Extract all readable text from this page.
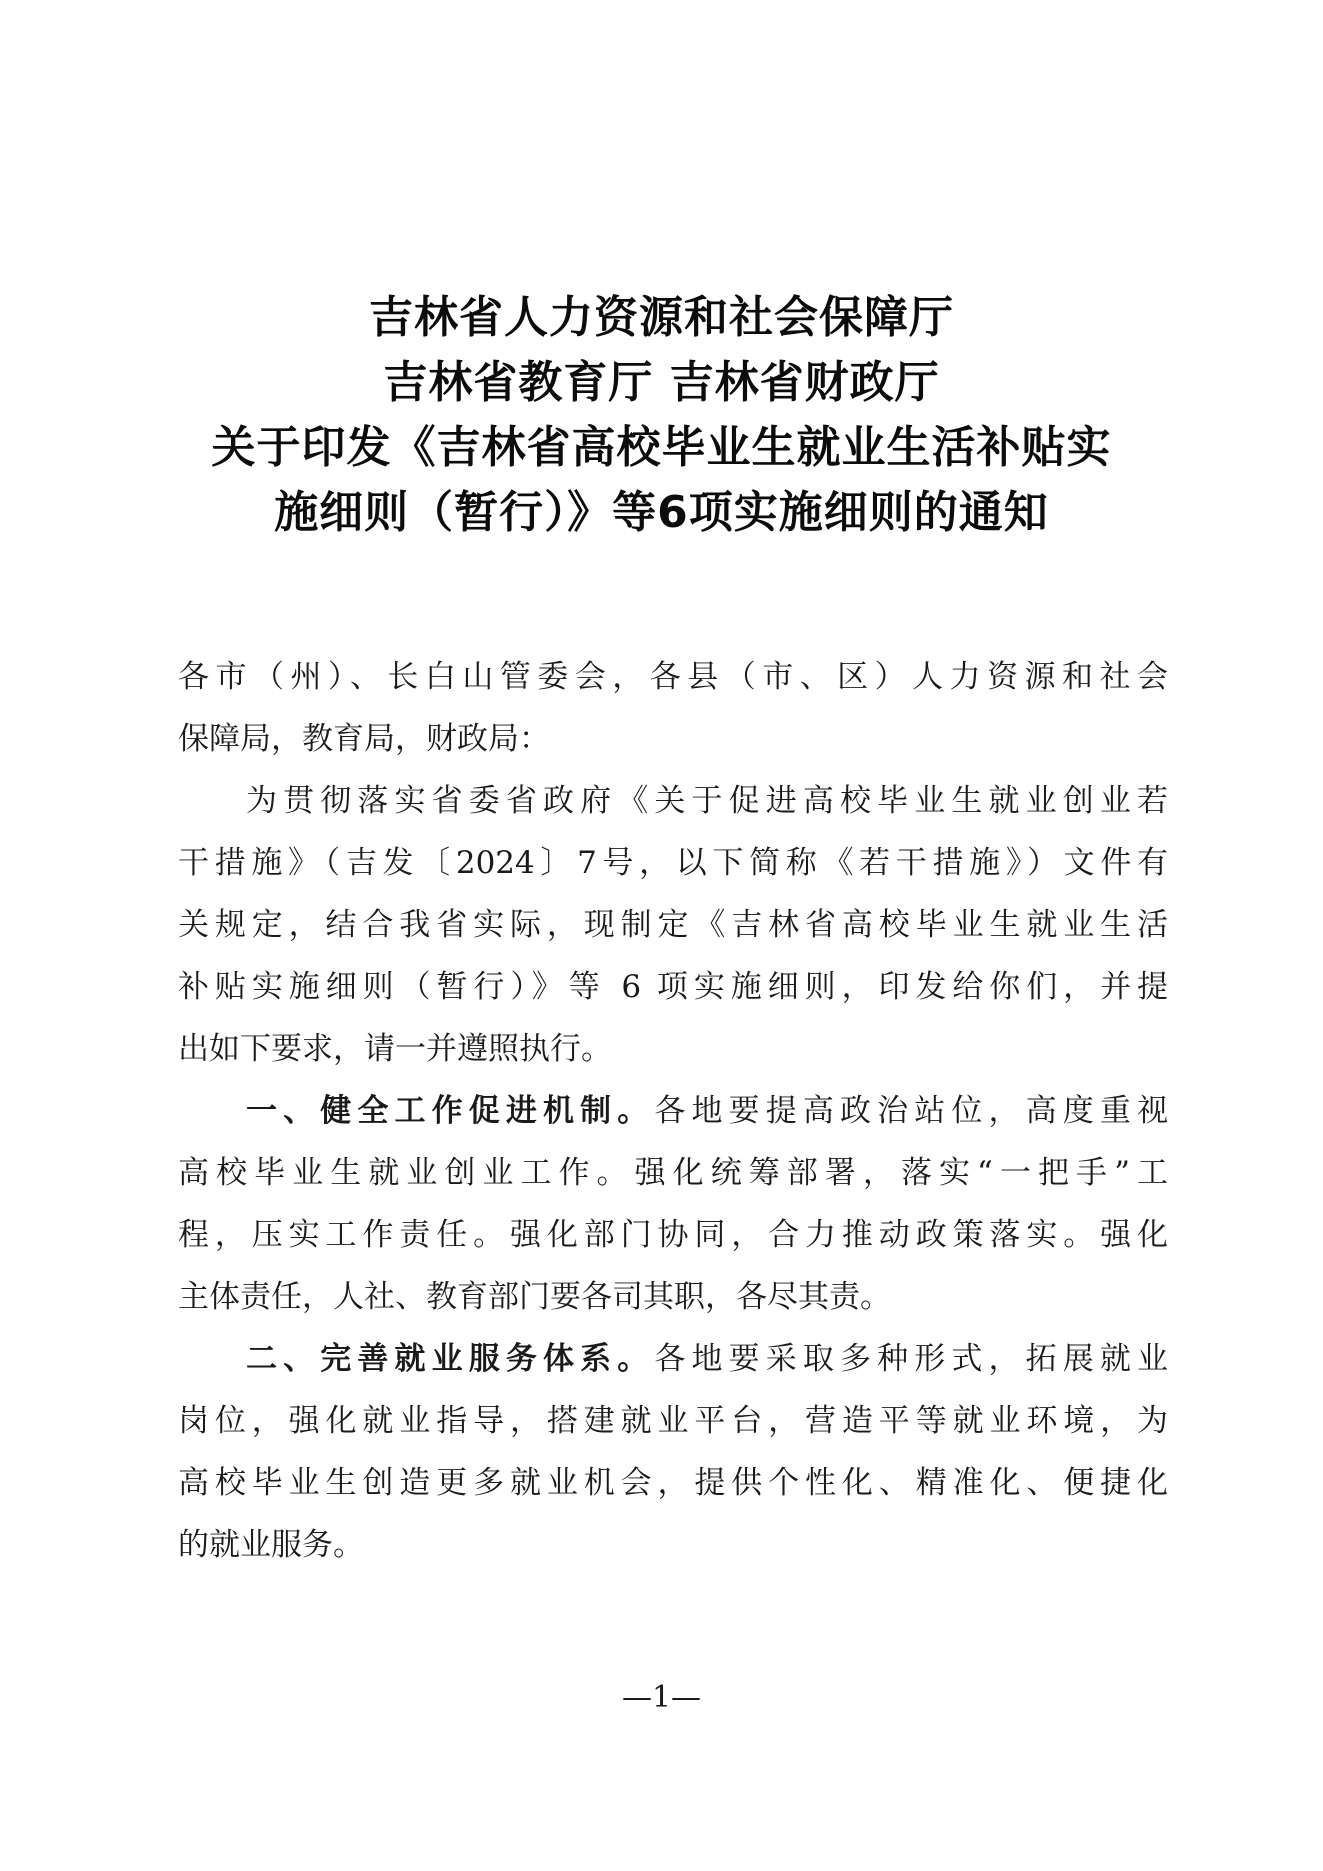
吉林省人力资源和社会保障厅
吉林省教育厅 吉林省财政厅
关于印发《吉林省高校毕业生就业生活补贴实
施细则（暂行）》等6项实施细则的通知
各市（州）、长白山管委会，各县（市、区）人力资源和社会
保障局，教育局，财政局：
为贯彻落实省委省政府《关于促进高校毕业生就业创业若
干措施》（吉发〔2024〕7号，以下简称《若干措施》）文件有
关规定，结合我省实际，现制定《吉林省高校毕业生就业生活
补贴实施细则（暂行）》等 6 项实施细则，印发给你们，并提
出如下要求，请一并遵照执行。
一、健全工作促进机制。各地要提高政治站位，高度重视
高校毕业生就业创业工作。强化统筹部署，落实“一把手”工
程，压实工作责任。强化部门协同，合力推动政策落实。强化
主体责任，人社、教育部门要各司其职，各尽其责。
二、完善就业服务体系。各地要采取多种形式，拓展就业
岗位，强化就业指导，搭建就业平台，营造平等就业环境，为
高校毕业生创造更多就业机会，提供个性化、精准化、便捷化
的就业服务。
—1—
